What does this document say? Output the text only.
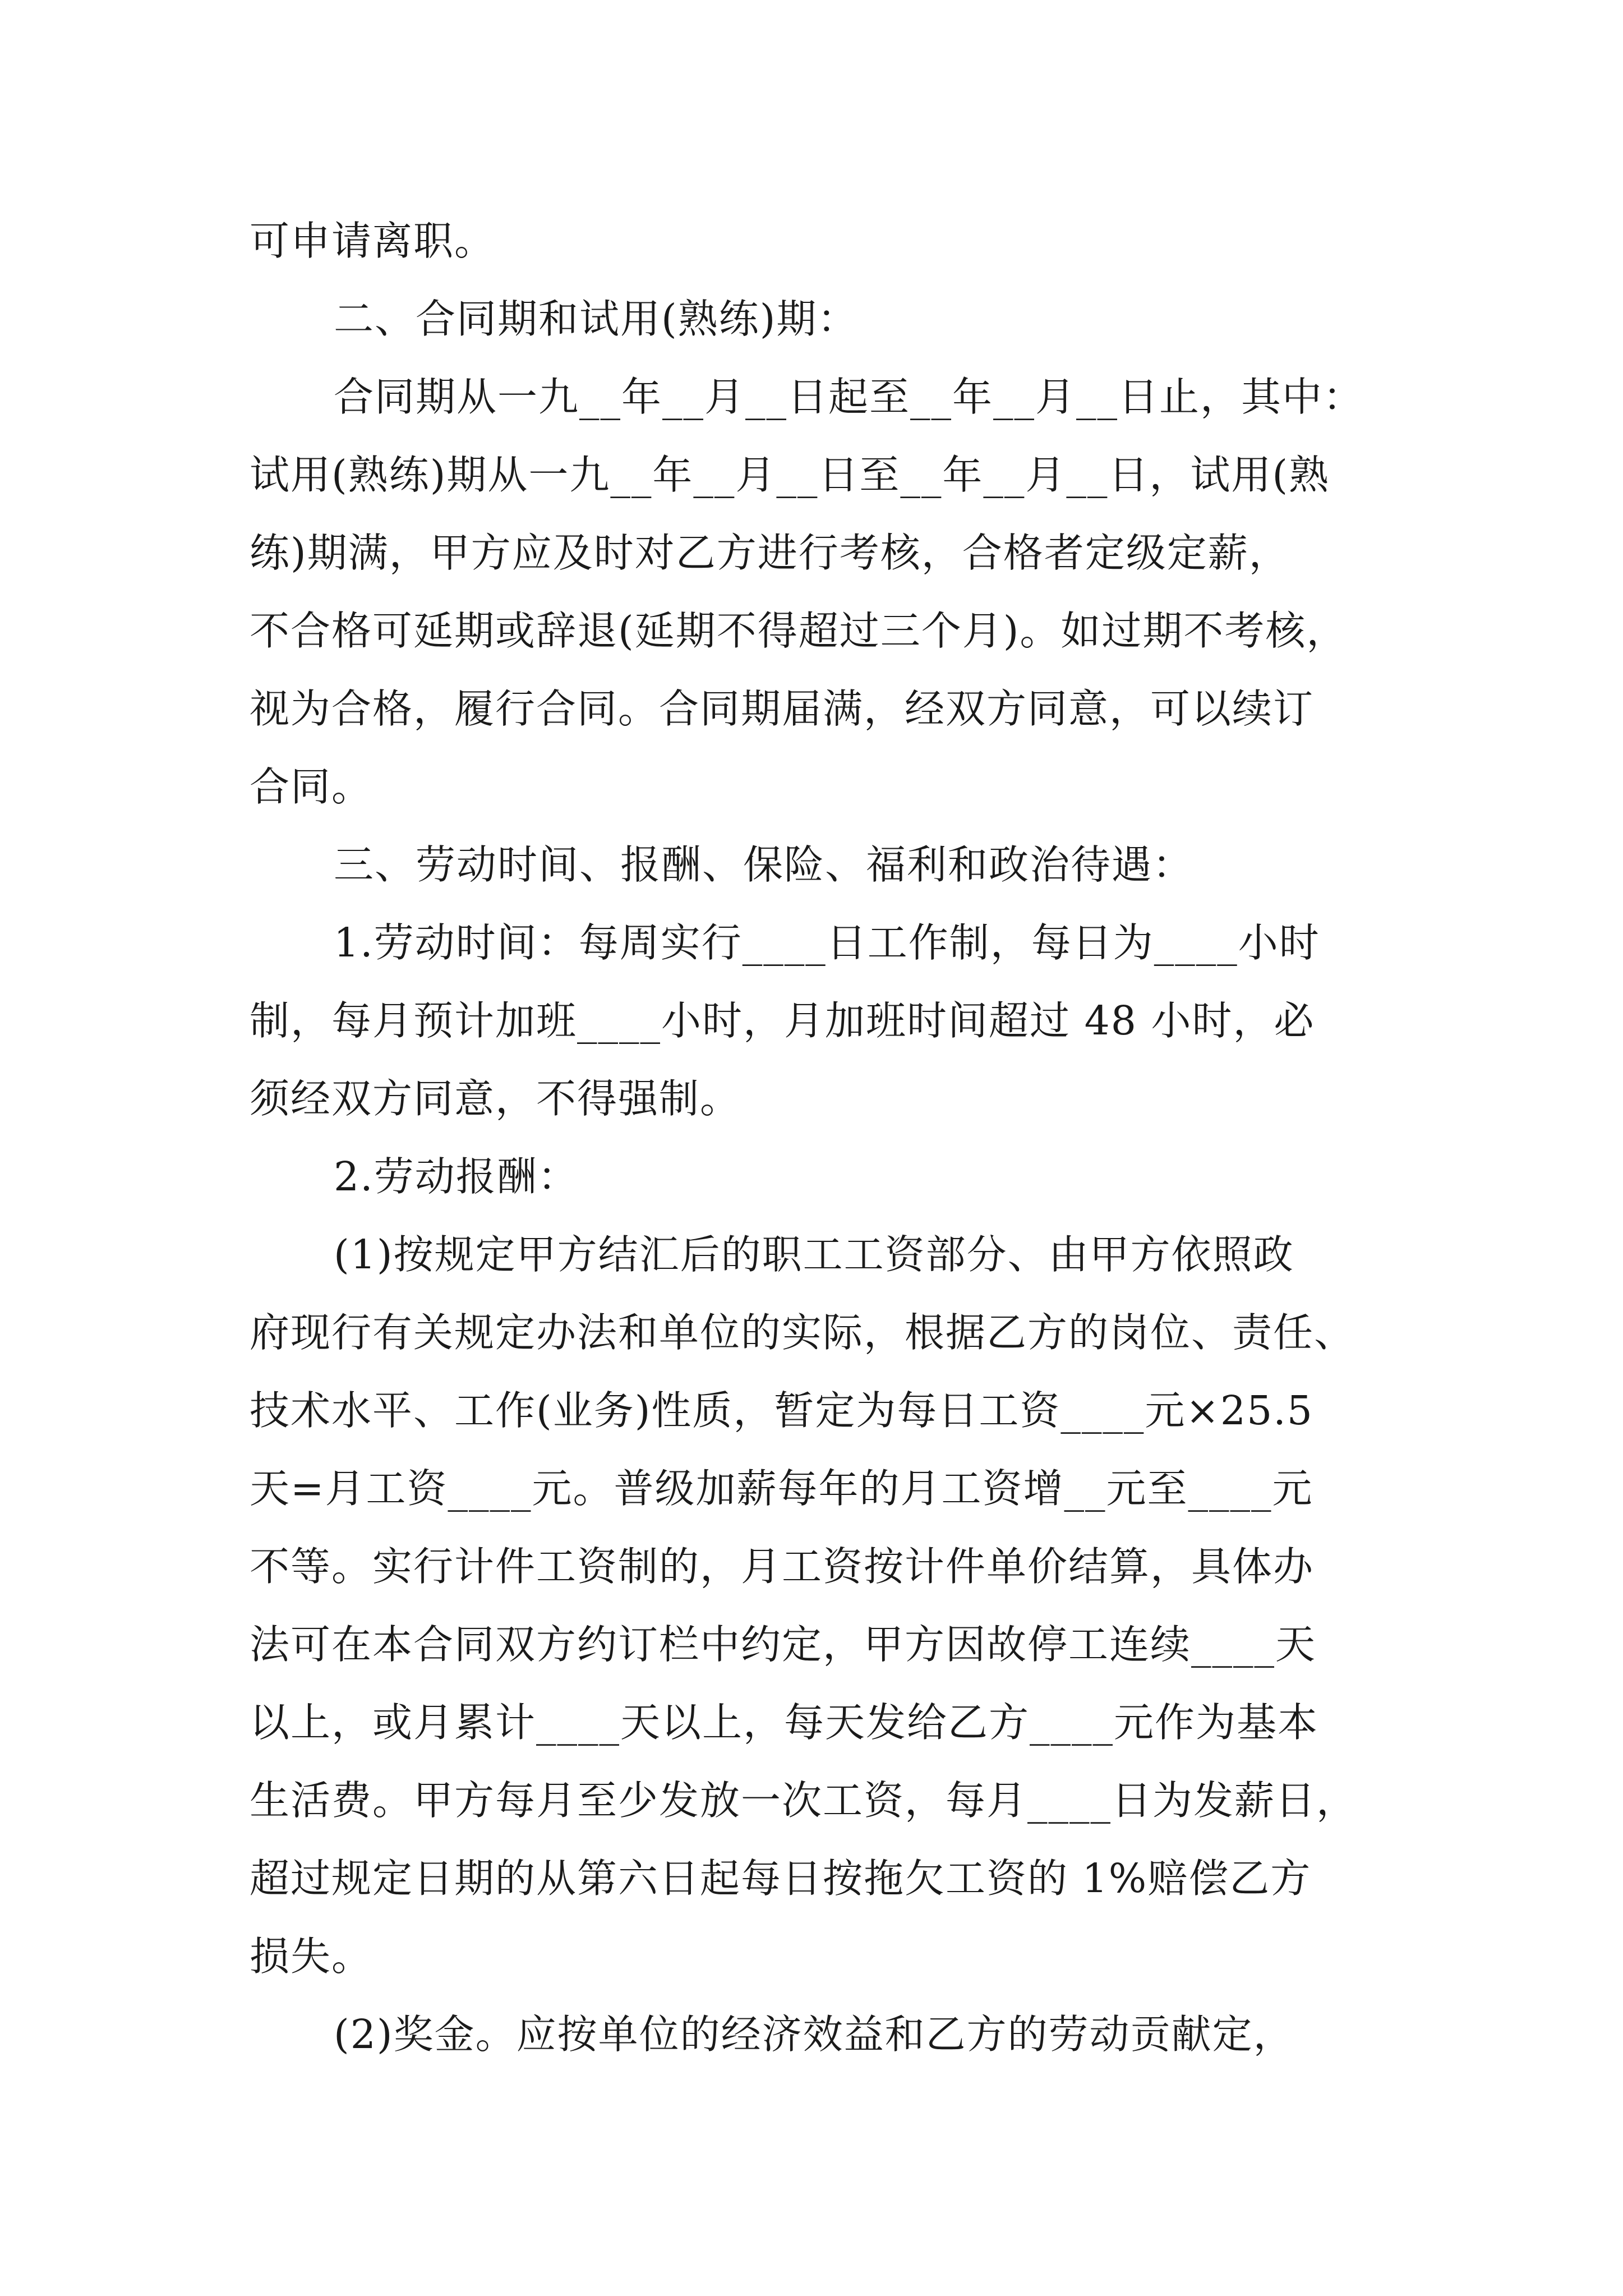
可申请离职。
二、合同期和试用(熟练)期：
合同期从一九__年__月__日起至__年__月__日止，其中：
试用(熟练)期从一九__年__月__日至__年__月__日，试用(熟
练)期满，甲方应及时对乙方进行考核，合格者定级定薪，
不合格可延期或辞退(延期不得超过三个月)。如过期不考核，
视为合格，履行合同。合同期届满，经双方同意，可以续订
合同。
三、劳动时间、报酬、保险、福利和政治待遇：
1.劳动时间：每周实行____日工作制，每日为____小时
制，每月预计加班____小时，月加班时间超过 48 小时，必
须经双方同意，不得强制。
2.劳动报酬：
(1)按规定甲方结汇后的职工工资部分、由甲方依照政
府现行有关规定办法和单位的实际，根据乙方的岗位、责任、
技术水平、工作(业务)性质，暂定为每日工资____元×25.5
天=月工资____元。普级加薪每年的月工资增__元至____元
不等。实行计件工资制的，月工资按计件单价结算，具体办
法可在本合同双方约订栏中约定，甲方因故停工连续____天
以上，或月累计____天以上，每天发给乙方____元作为基本
生活费。甲方每月至少发放一次工资，每月____日为发薪日，
超过规定日期的从第六日起每日按拖欠工资的 1%赔偿乙方
损失。
(2)奖金。应按单位的经济效益和乙方的劳动贡献定，
